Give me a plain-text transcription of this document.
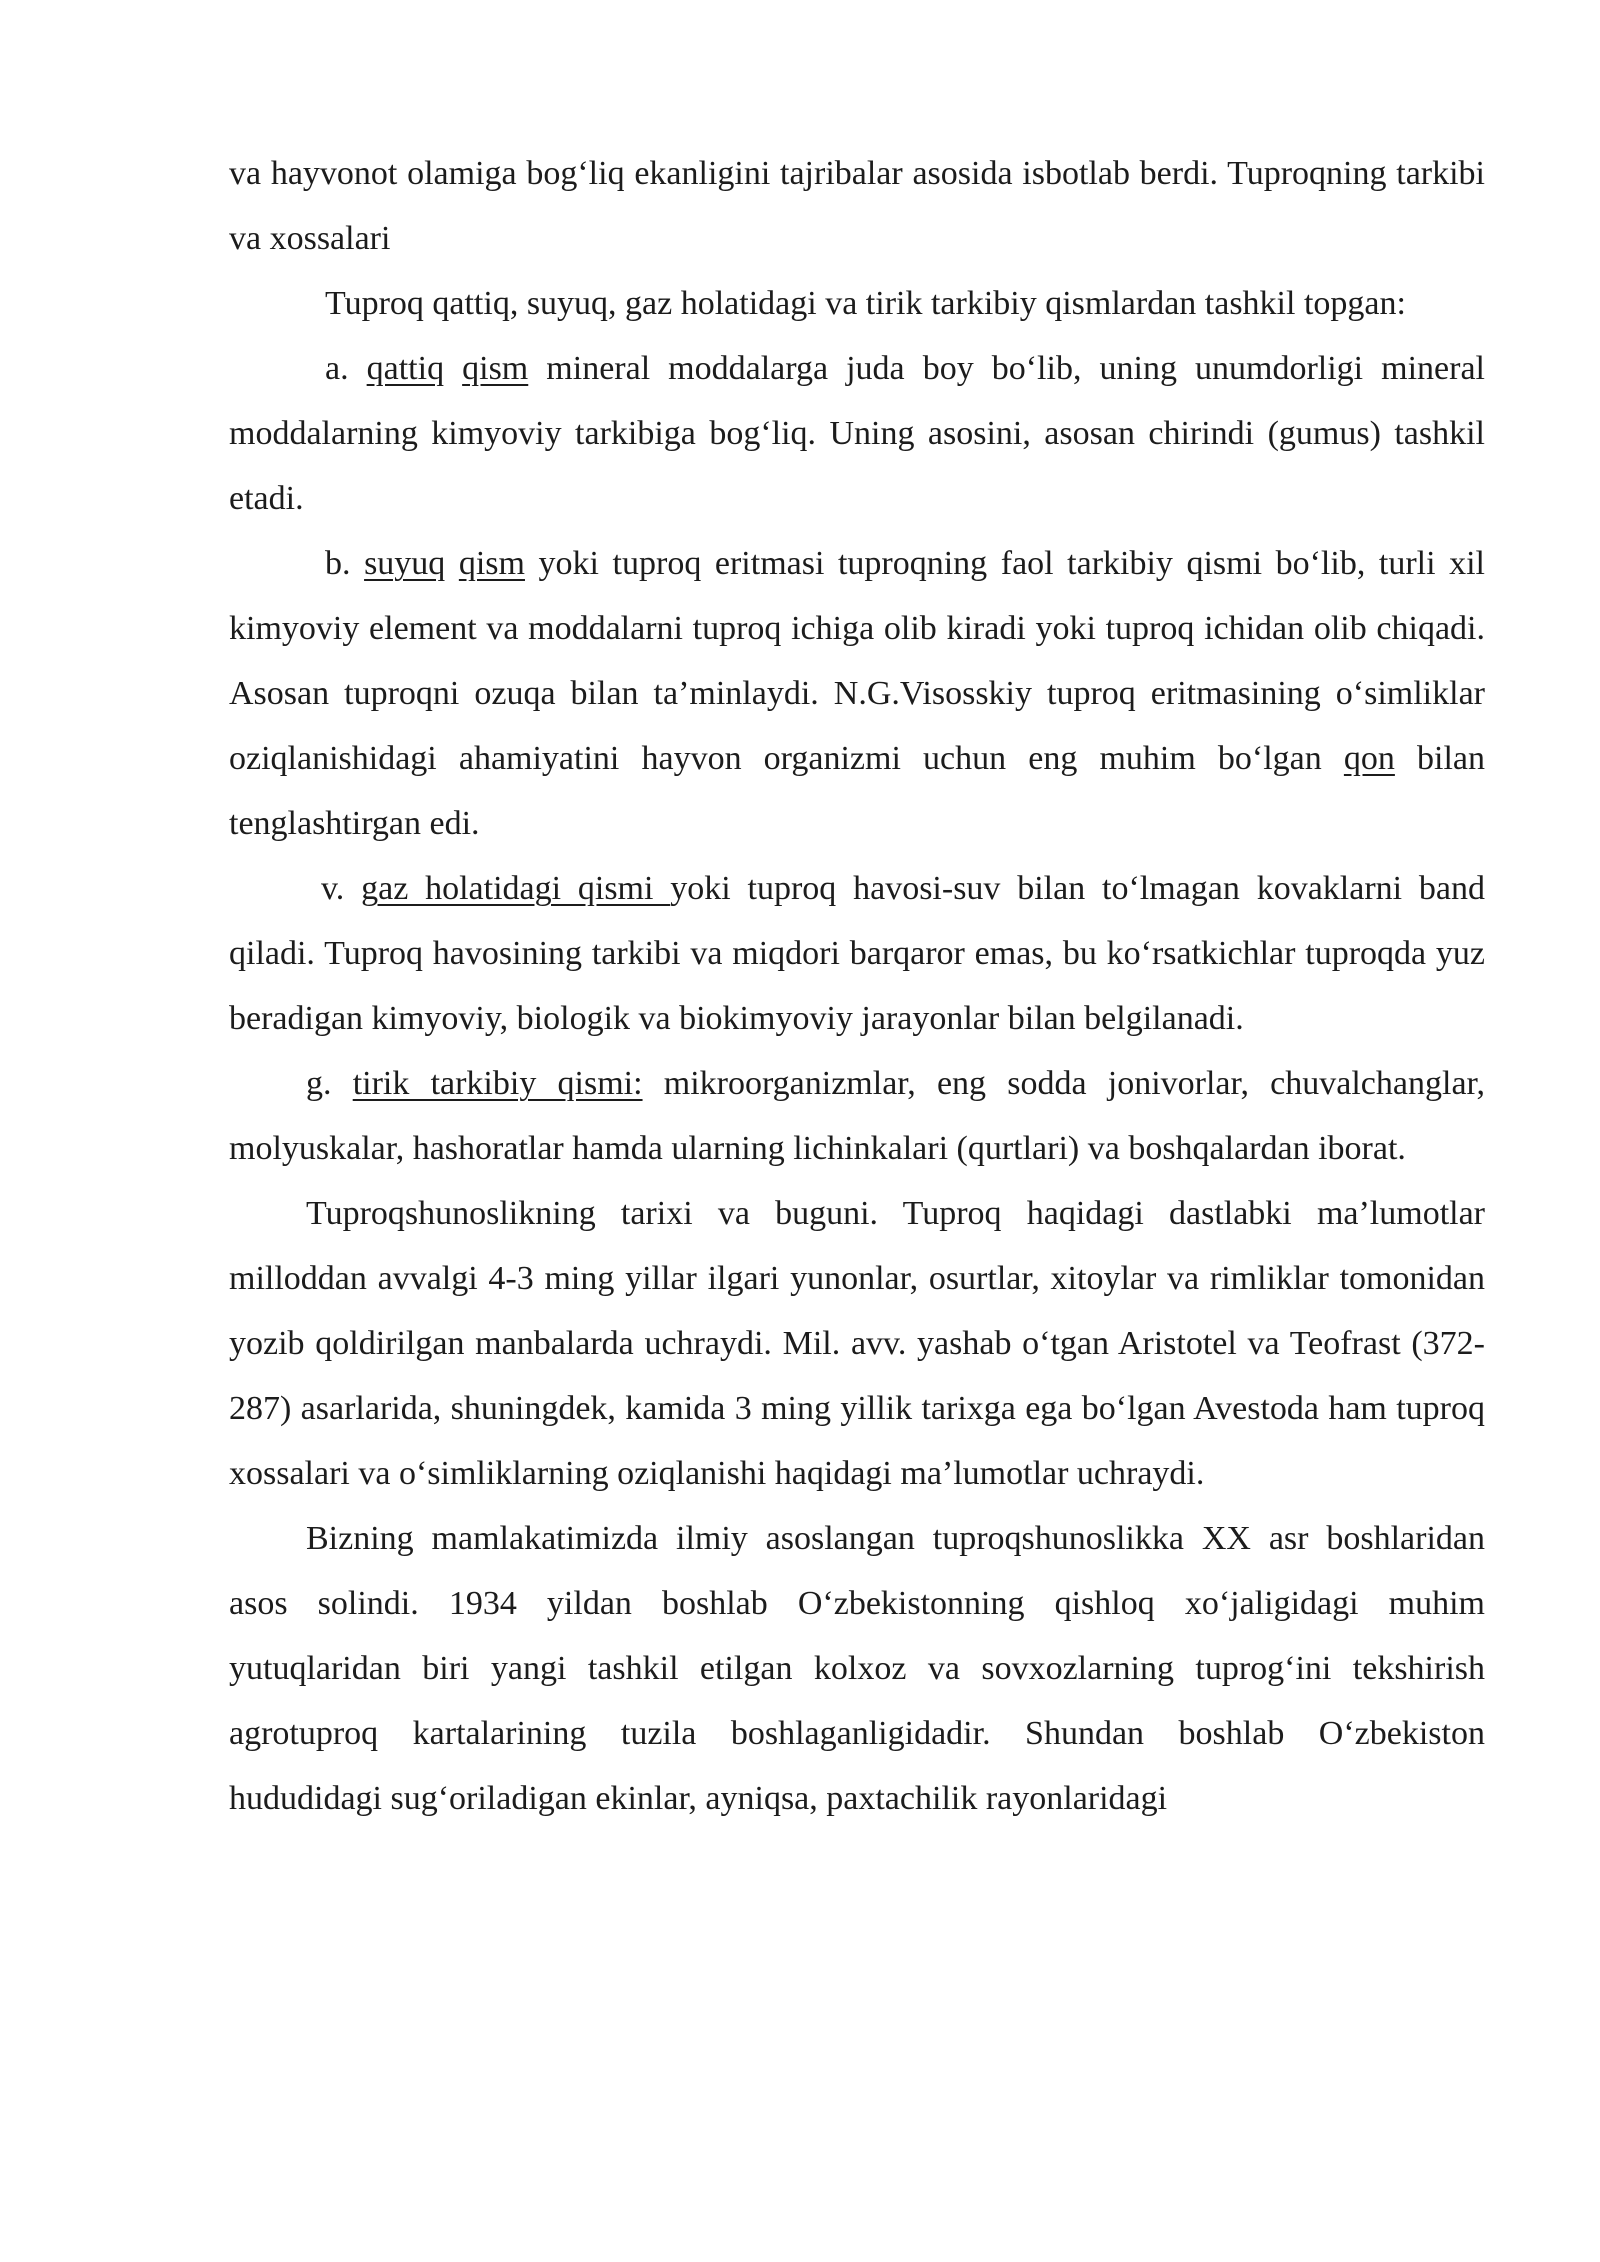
va hayvonot olamiga bog‘liq ekanligini tajribalar asosida isbotlab berdi. Tuproqning tarkibi va xossalari

Tuproq qattiq, suyuq, gaz holatidagi va tirik tarkibiy qismlardan tashkil topgan:

a. qattiq qism mineral moddalarga juda boy bo‘lib, uning unumdorligi mineral moddalarning kimyoviy tarkibiga bog‘liq. Uning asosini, asosan chirindi (gumus) tashkil etadi.

b. suyuq qism yoki tuproq eritmasi tuproqning faol tarkibiy qismi bo‘lib, turli xil kimyoviy element va moddalarni tuproq ichiga olib kiradi yoki tuproq ichidan olib chiqadi. Asosan tuproqni ozuqa bilan ta’minlaydi. N.G.Visosskiy tuproq eritmasining o‘simliklar oziqlanishidagi ahamiyatini hayvon organizmi uchun eng muhim bo‘lgan qon bilan tenglashtirgan edi.

v. gaz holatidagi qismi yoki tuproq havosi-suv bilan to‘lmagan kovaklarni band qiladi. Tuproq havosining tarkibi va miqdori barqaror emas, bu ko‘rsatkichlar tuproqda yuz beradigan kimyoviy, biologik va biokimyoviy jarayonlar bilan belgilanadi.

g. tirik tarkibiy qismi: mikroorganizmlar, eng sodda jonivorlar, chuvalchanglar, molyuskalar, hashoratlar hamda ularning lichinkalari (qurtlari) va boshqalardan iborat.

Tuproqshunoslikning tarixi va buguni. Tuproq haqidagi dastlabki ma’lumotlar milloddan avvalgi 4-3 ming yillar ilgari yunonlar, osurtlar, xitoylar va rimliklar tomonidan yozib qoldirilgan manbalarda uchraydi. Mil. avv. yashab o‘tgan Aristotel va Teofrast (372-287) asarlarida, shuningdek, kamida 3 ming yillik tarixga ega bo‘lgan Avestoda ham tuproq xossalari va o‘simliklarning oziqlanishi haqidagi ma’lumotlar uchraydi.

Bizning mamlakatimizda ilmiy asoslangan tuproqshunoslikka XX asr boshlaridan asos solindi. 1934 yildan boshlab O‘zbekistonning qishloq xo‘jaligidagi muhim yutuqlaridan biri yangi tashkil etilgan kolxoz va sovxozlarning tuprog‘ini tekshirish agrotuproq kartalarining tuzila boshlaganligidadir. Shundan boshlab O‘zbekiston hududidagi sug‘oriladigan ekinlar, ayniqsa, paxtachilik rayonlaridagi
